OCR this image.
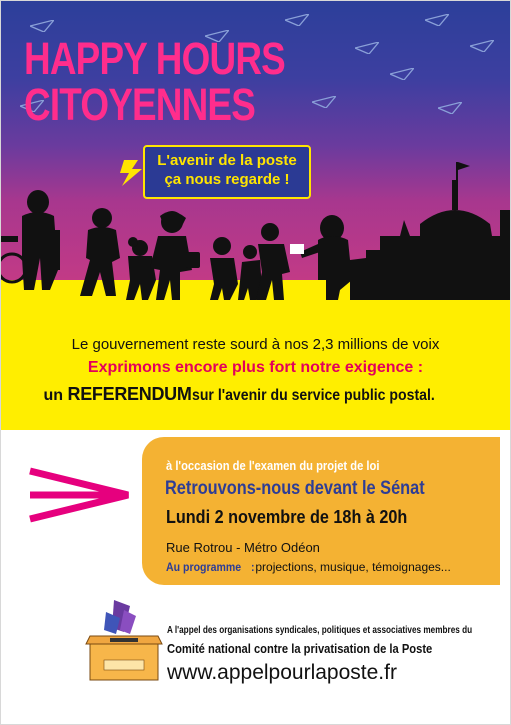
HAPPY HOURS
CITOYENNES
L'avenir de la poste
ça nous regarde !
Le gouvernement reste sourd à nos 2,3 millions de voix
Exprimons encore plus fort notre exigence :
un REFERENDUMsur l'avenir du service public postal.
à l'occasion de l'examen du projet de loi
Retrouvons-nous devant le Sénat
Lundi 2 novembre de 18h à 20h
Rue Rotrou - Métro Odéon
Au programme:projections, musique, témoignages...
A l'appel des organisations syndicales, politiques et associatives membres du
Comité national contre la privatisation de la Poste
www.appelpourlaposte.fr
